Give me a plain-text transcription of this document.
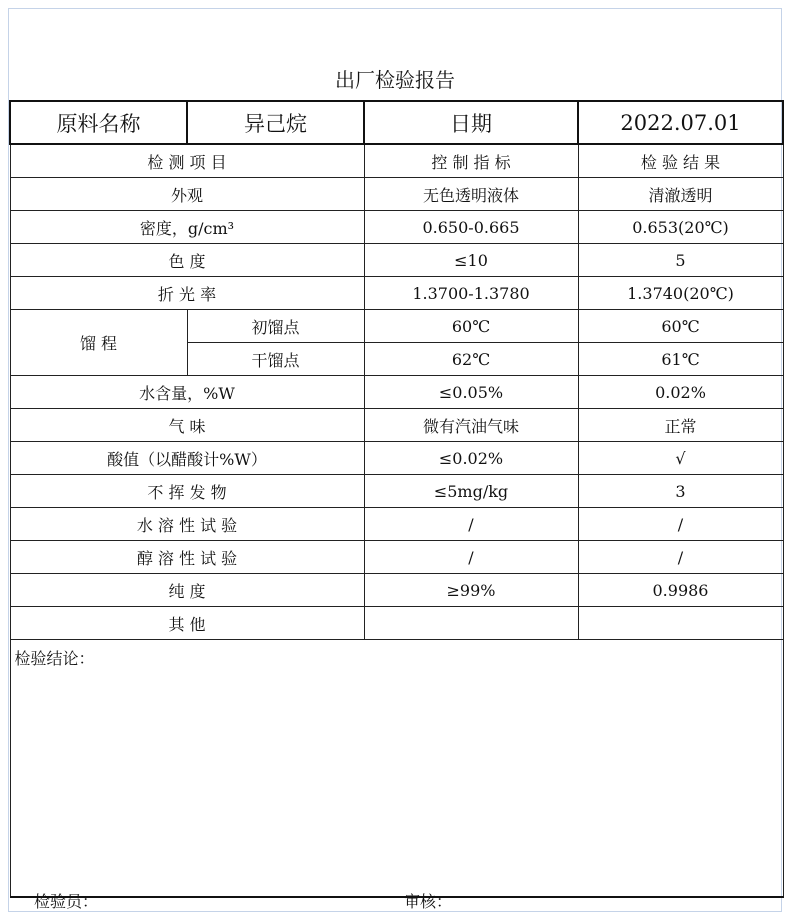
出厂检验报告
原料名称	异己烷	日期	2022.07.01
检 测 项 目		控 制 指 标	检 验 结 果
外观		无色透明液体	清澈透明
密度，g/cm³		0.650-0.665	0.653(20℃)
色 度		≤10	5
折 光 率		1.3700-1.3780	1.3740(20℃)
馏 程	初馏点	60℃	60℃
	干馏点	62℃	61℃
水含量，%W		≤0.05%	0.02%
气 味		微有汽油气味	正常
酸值（以醋酸计%W）		≤0.02%	√
不 挥 发 物		≤5mg/kg	3
水 溶 性 试 验		/	/
醇 溶 性 试 验		/	/
纯 度		≥99%	0.9986
其 他			
检验结论：			
检验员：	审核：
